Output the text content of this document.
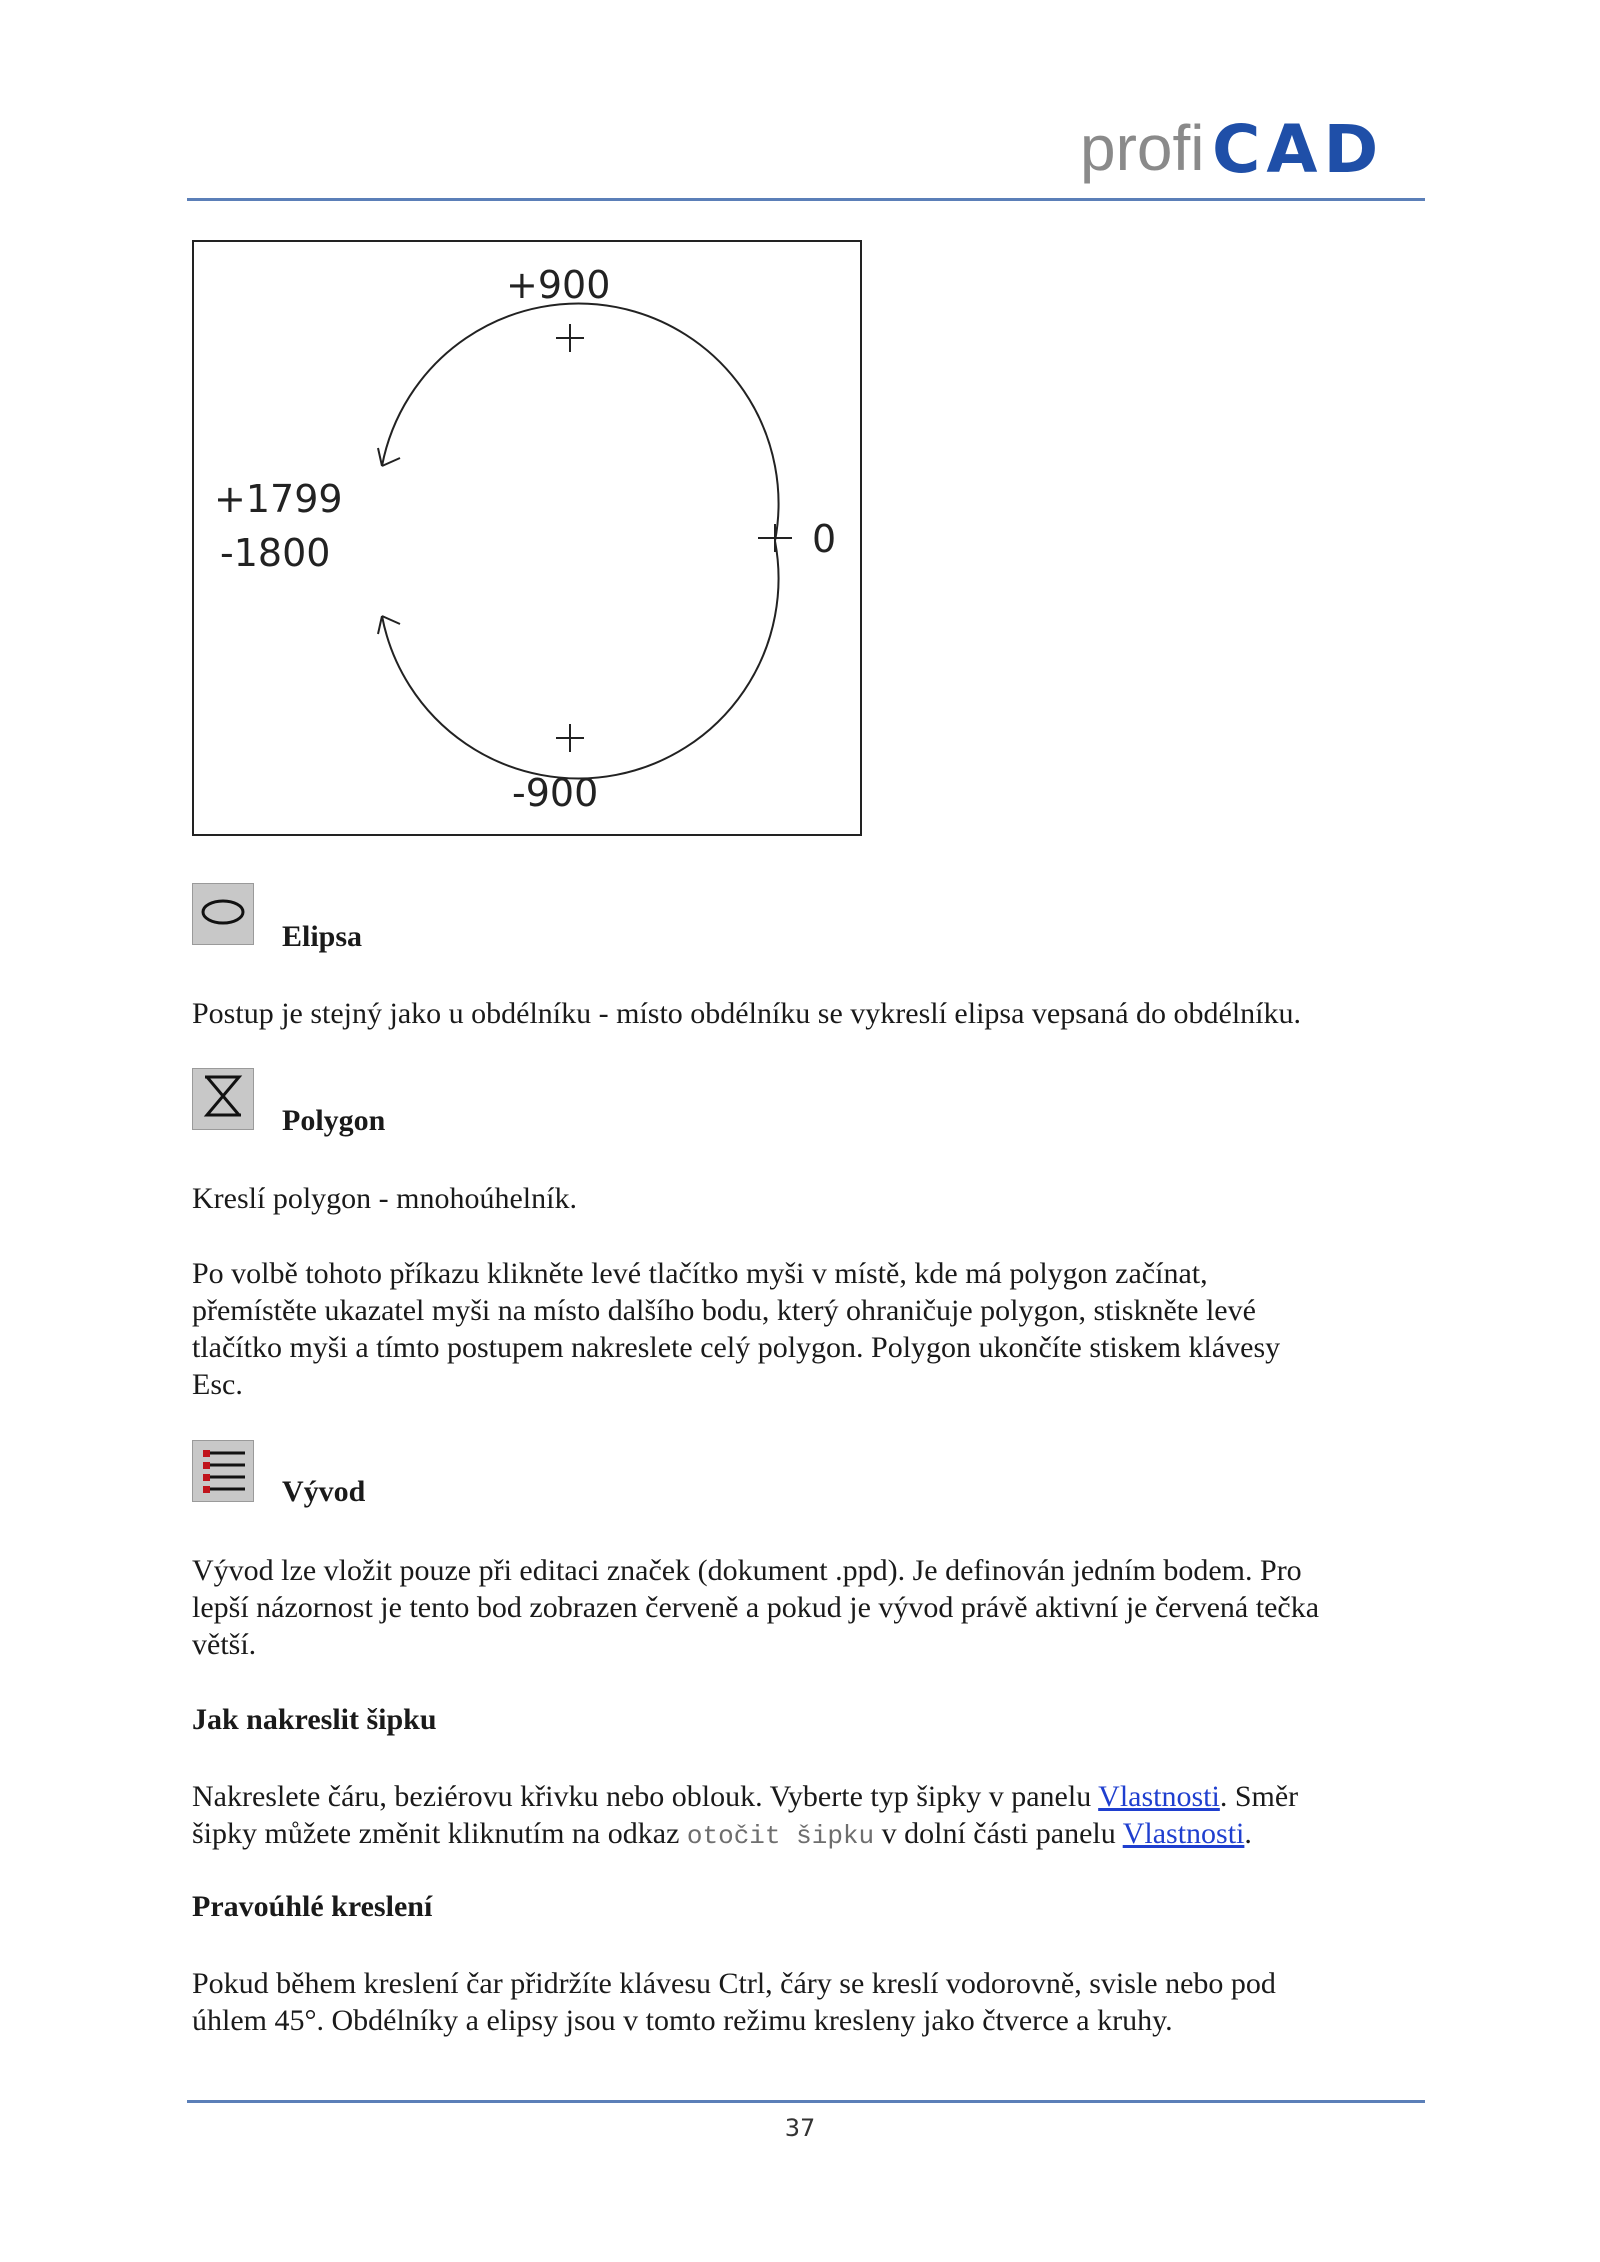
profi CAD
+900
0
+1799
-1800
-900
Elipsa
Postup je stejný jako u obdélníku - místo obdélníku se vykreslí elipsa vepsaná do obdélníku.
Polygon
Kreslí polygon - mnohoúhelník.
Po volbě tohoto příkazu klikněte levé tlačítko myši v místě, kde má polygon začínat,
přemístěte ukazatel myši na místo dalšího bodu, který ohraničuje polygon, stiskněte levé
tlačítko myši a tímto postupem nakreslete celý polygon. Polygon ukončíte stiskem klávesy
Esc.
Vývod
Vývod lze vložit pouze při editaci značek (dokument .ppd). Je definován jedním bodem. Pro
lepší názornost je tento bod zobrazen červeně a pokud je vývod právě aktivní je červená tečka
větší.
Jak nakreslit šipku
Nakreslete čáru, beziérovu křivku nebo oblouk. Vyberte typ šipky v panelu Vlastnosti. Směr
šipky můžete změnit kliknutím na odkaz otočit šipku v dolní části panelu Vlastnosti.
Pravoúhlé kreslení
Pokud během kreslení čar přidržíte klávesu Ctrl, čáry se kreslí vodorovně, svisle nebo pod
úhlem 45°. Obdélníky a elipsy jsou v tomto režimu kresleny jako čtverce a kruhy.
37
